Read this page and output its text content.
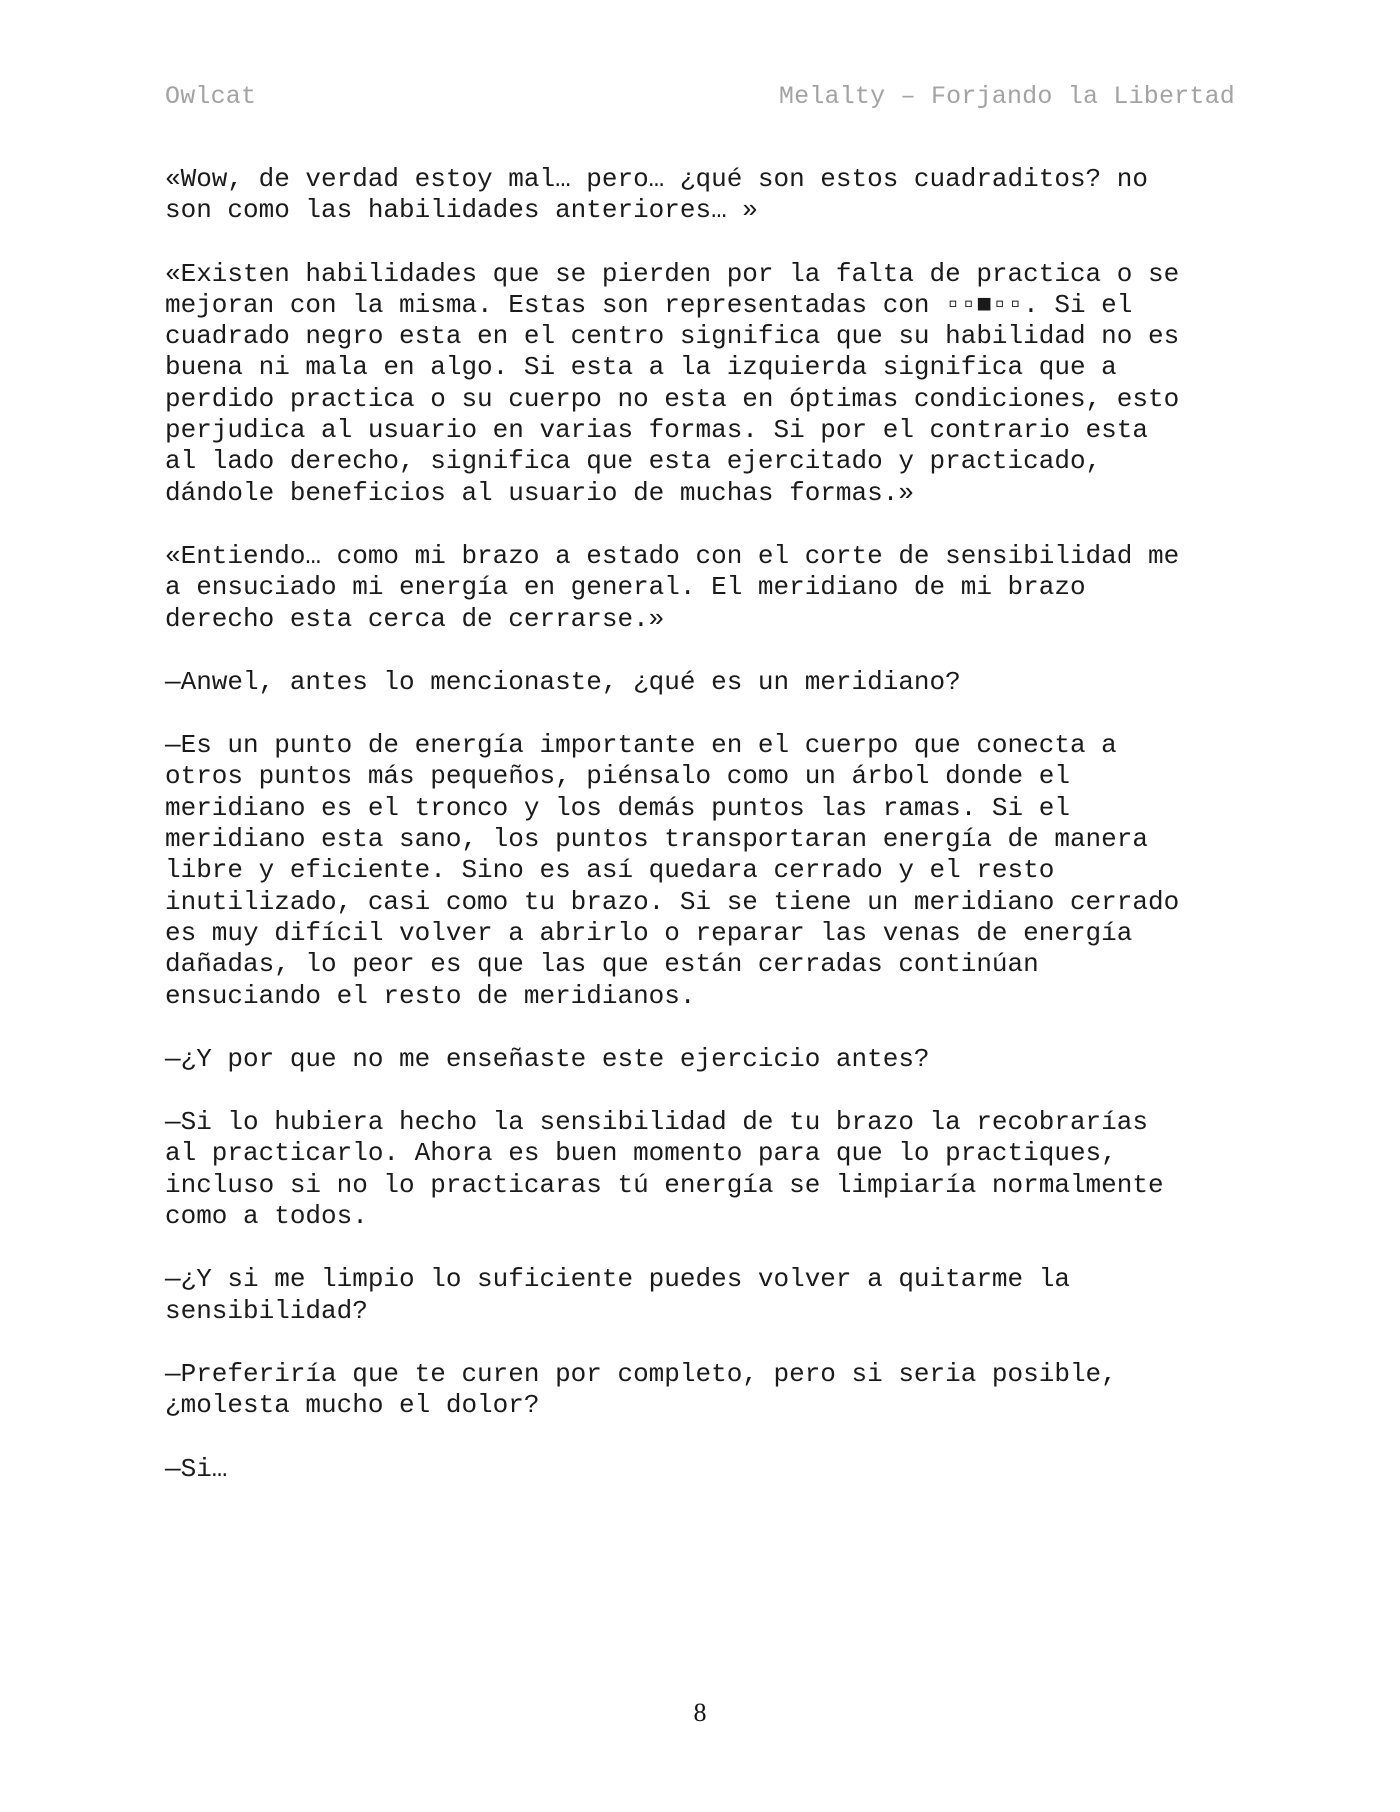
Owlcat	Melalty – Forjando la Libertad

«Wow, de verdad estoy mal… pero… ¿qué son estos cuadraditos? no
son como las habilidades anteriores… »

«Existen habilidades que se pierden por la falta de practica o se
mejoran con la misma. Estas son representadas con ▫▫■▫▫. Si el
cuadrado negro esta en el centro significa que su habilidad no es
buena ni mala en algo. Si esta a la izquierda significa que a
perdido practica o su cuerpo no esta en óptimas condiciones, esto
perjudica al usuario en varias formas. Si por el contrario esta
al lado derecho, significa que esta ejercitado y practicado,
dándole beneficios al usuario de muchas formas.»

«Entiendo… como mi brazo a estado con el corte de sensibilidad me
a ensuciado mi energía en general. El meridiano de mi brazo
derecho esta cerca de cerrarse.»

—Anwel, antes lo mencionaste, ¿qué es un meridiano?

—Es un punto de energía importante en el cuerpo que conecta a
otros puntos más pequeños, piénsalo como un árbol donde el
meridiano es el tronco y los demás puntos las ramas. Si el
meridiano esta sano, los puntos transportaran energía de manera
libre y eficiente. Sino es así quedara cerrado y el resto
inutilizado, casi como tu brazo. Si se tiene un meridiano cerrado
es muy difícil volver a abrirlo o reparar las venas de energía
dañadas, lo peor es que las que están cerradas continúan
ensuciando el resto de meridianos.

—¿Y por que no me enseñaste este ejercicio antes?

—Si lo hubiera hecho la sensibilidad de tu brazo la recobrarías
al practicarlo. Ahora es buen momento para que lo practiques,
incluso si no lo practicaras tú energía se limpiaría normalmente
como a todos.

—¿Y si me limpio lo suficiente puedes volver a quitarme la
sensibilidad?

—Preferiría que te curen por completo, pero si seria posible,
¿molesta mucho el dolor?

—Si…

8
